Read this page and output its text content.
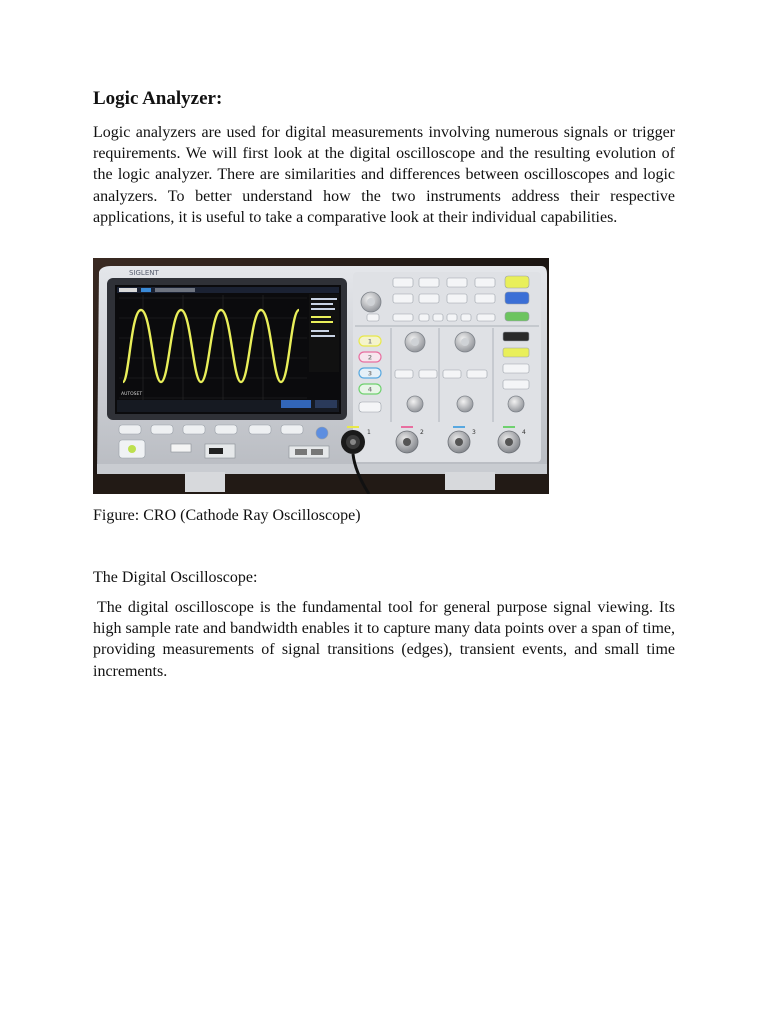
Logic Analyzer:

Logic analyzers are used for digital measurements involving numerous signals or trigger requirements. We will first look at the digital oscilloscope and the resulting evolution of the logic analyzer. There are similarities and differences between oscilloscopes and logic analyzers. To better understand how the two instruments address their respective applications, it is useful to take a comparative look at their individual capabilities.

SIGLENT
AUTOSET
1
2
3
4
1	2	3	4
Figure: CRO (Cathode Ray Oscilloscope)
The Digital Oscilloscope:

The digital oscilloscope is the fundamental tool for general purpose signal viewing. Its high sample rate and bandwidth enables it to capture many data points over a span of time, providing measurements of signal transitions (edges), transient events, and small time increments.
